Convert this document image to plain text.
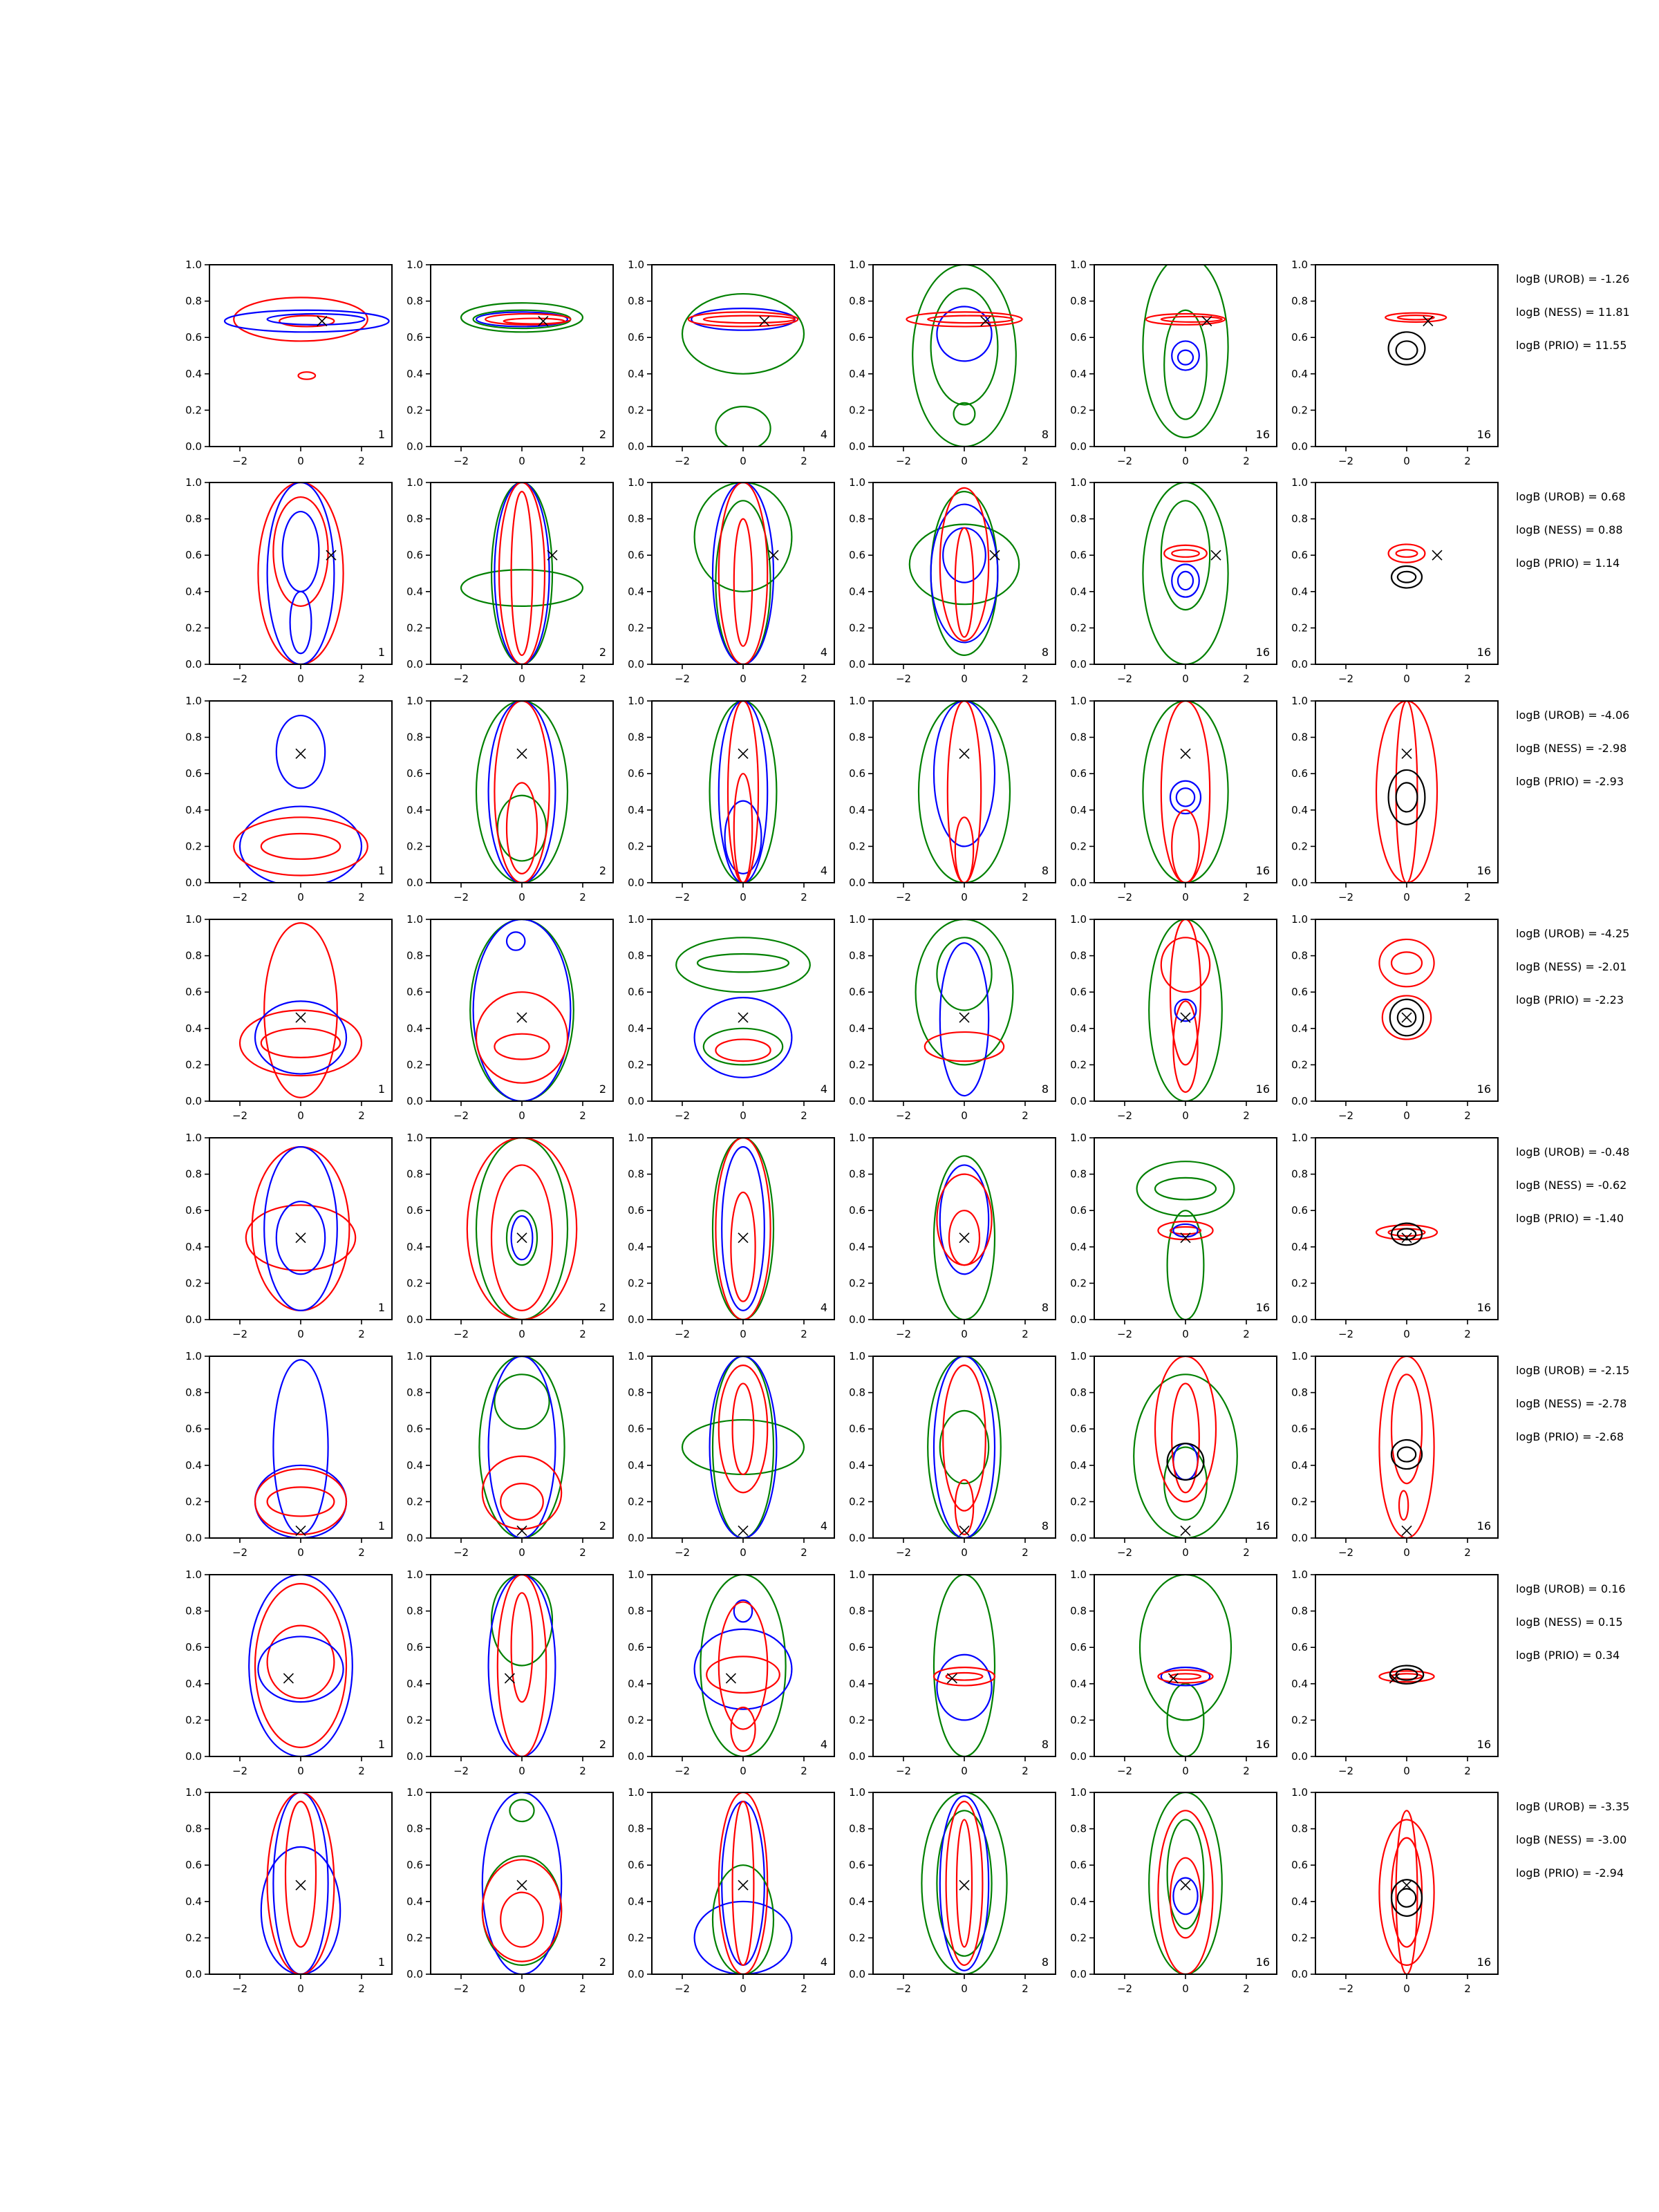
−2	0	2
0.0
0.2
0.4
0.6
0.8
1.0
1
−2	0	2
0.0
0.2
0.4
0.6
0.8
1.0
2
−2	0	2
0.0
0.2
0.4
0.6
0.8
1.0
4
−2	0	2
0.0
0.2
0.4
0.6
0.8
1.0
8
−2	0	2
0.0
0.2
0.4
0.6
0.8
1.0
16
−2	0	2
0.0
0.2
0.4
0.6
0.8
1.0
16
logB (UROB) = -1.26
logB (NESS) = 11.81
logB (PRIO) = 11.55
−2	0	2
0.0
0.2
0.4
0.6
0.8
1.0
1
−2	0	2
0.0
0.2
0.4
0.6
0.8
1.0
2
−2	0	2
0.0
0.2
0.4
0.6
0.8
1.0
4
−2	0	2
0.0
0.2
0.4
0.6
0.8
1.0
8
−2	0	2
0.0
0.2
0.4
0.6
0.8
1.0
16
−2	0	2
0.0
0.2
0.4
0.6
0.8
1.0
16
logB (UROB) = 0.68
logB (NESS) = 0.88
logB (PRIO) = 1.14
−2	0	2
0.0
0.2
0.4
0.6
0.8
1.0
1
−2	0	2
0.0
0.2
0.4
0.6
0.8
1.0
2
−2	0	2
0.0
0.2
0.4
0.6
0.8
1.0
4
−2	0	2
0.0
0.2
0.4
0.6
0.8
1.0
8
−2	0	2
0.0
0.2
0.4
0.6
0.8
1.0
16
−2	0	2
0.0
0.2
0.4
0.6
0.8
1.0
16
logB (UROB) = -4.06
logB (NESS) = -2.98
logB (PRIO) = -2.93
−2	0	2
0.0
0.2
0.4
0.6
0.8
1.0
1
−2	0	2
0.0
0.2
0.4
0.6
0.8
1.0
2
−2	0	2
0.0
0.2
0.4
0.6
0.8
1.0
4
−2	0	2
0.0
0.2
0.4
0.6
0.8
1.0
8
−2	0	2
0.0
0.2
0.4
0.6
0.8
1.0
16
−2	0	2
0.0
0.2
0.4
0.6
0.8
1.0
16
logB (UROB) = -4.25
logB (NESS) = -2.01
logB (PRIO) = -2.23
−2	0	2
0.0
0.2
0.4
0.6
0.8
1.0
1
−2	0	2
0.0
0.2
0.4
0.6
0.8
1.0
2
−2	0	2
0.0
0.2
0.4
0.6
0.8
1.0
4
−2	0	2
0.0
0.2
0.4
0.6
0.8
1.0
8
−2	0	2
0.0
0.2
0.4
0.6
0.8
1.0
16
−2	0	2
0.0
0.2
0.4
0.6
0.8
1.0
16
logB (UROB) = -0.48
logB (NESS) = -0.62
logB (PRIO) = -1.40
−2	0	2
0.0
0.2
0.4
0.6
0.8
1.0
1
−2	0	2
0.0
0.2
0.4
0.6
0.8
1.0
2
−2	0	2
0.0
0.2
0.4
0.6
0.8
1.0
4
−2	0	2
0.0
0.2
0.4
0.6
0.8
1.0
8
−2	0	2
0.0
0.2
0.4
0.6
0.8
1.0
16
−2	0	2
0.0
0.2
0.4
0.6
0.8
1.0
16
logB (UROB) = -2.15
logB (NESS) = -2.78
logB (PRIO) = -2.68
−2	0	2
0.0
0.2
0.4
0.6
0.8
1.0
1
−2	0	2
0.0
0.2
0.4
0.6
0.8
1.0
2
−2	0	2
0.0
0.2
0.4
0.6
0.8
1.0
4
−2	0	2
0.0
0.2
0.4
0.6
0.8
1.0
8
−2	0	2
0.0
0.2
0.4
0.6
0.8
1.0
16
−2	0	2
0.0
0.2
0.4
0.6
0.8
1.0
16
logB (UROB) = 0.16
logB (NESS) = 0.15
logB (PRIO) = 0.34
−2	0	2
0.0
0.2
0.4
0.6
0.8
1.0
1
−2	0	2
0.0
0.2
0.4
0.6
0.8
1.0
2
−2	0	2
0.0
0.2
0.4
0.6
0.8
1.0
4
−2	0	2
0.0
0.2
0.4
0.6
0.8
1.0
8
−2	0	2
0.0
0.2
0.4
0.6
0.8
1.0
16
−2	0	2
0.0
0.2
0.4
0.6
0.8
1.0
16
logB (UROB) = -3.35
logB (NESS) = -3.00
logB (PRIO) = -2.94
